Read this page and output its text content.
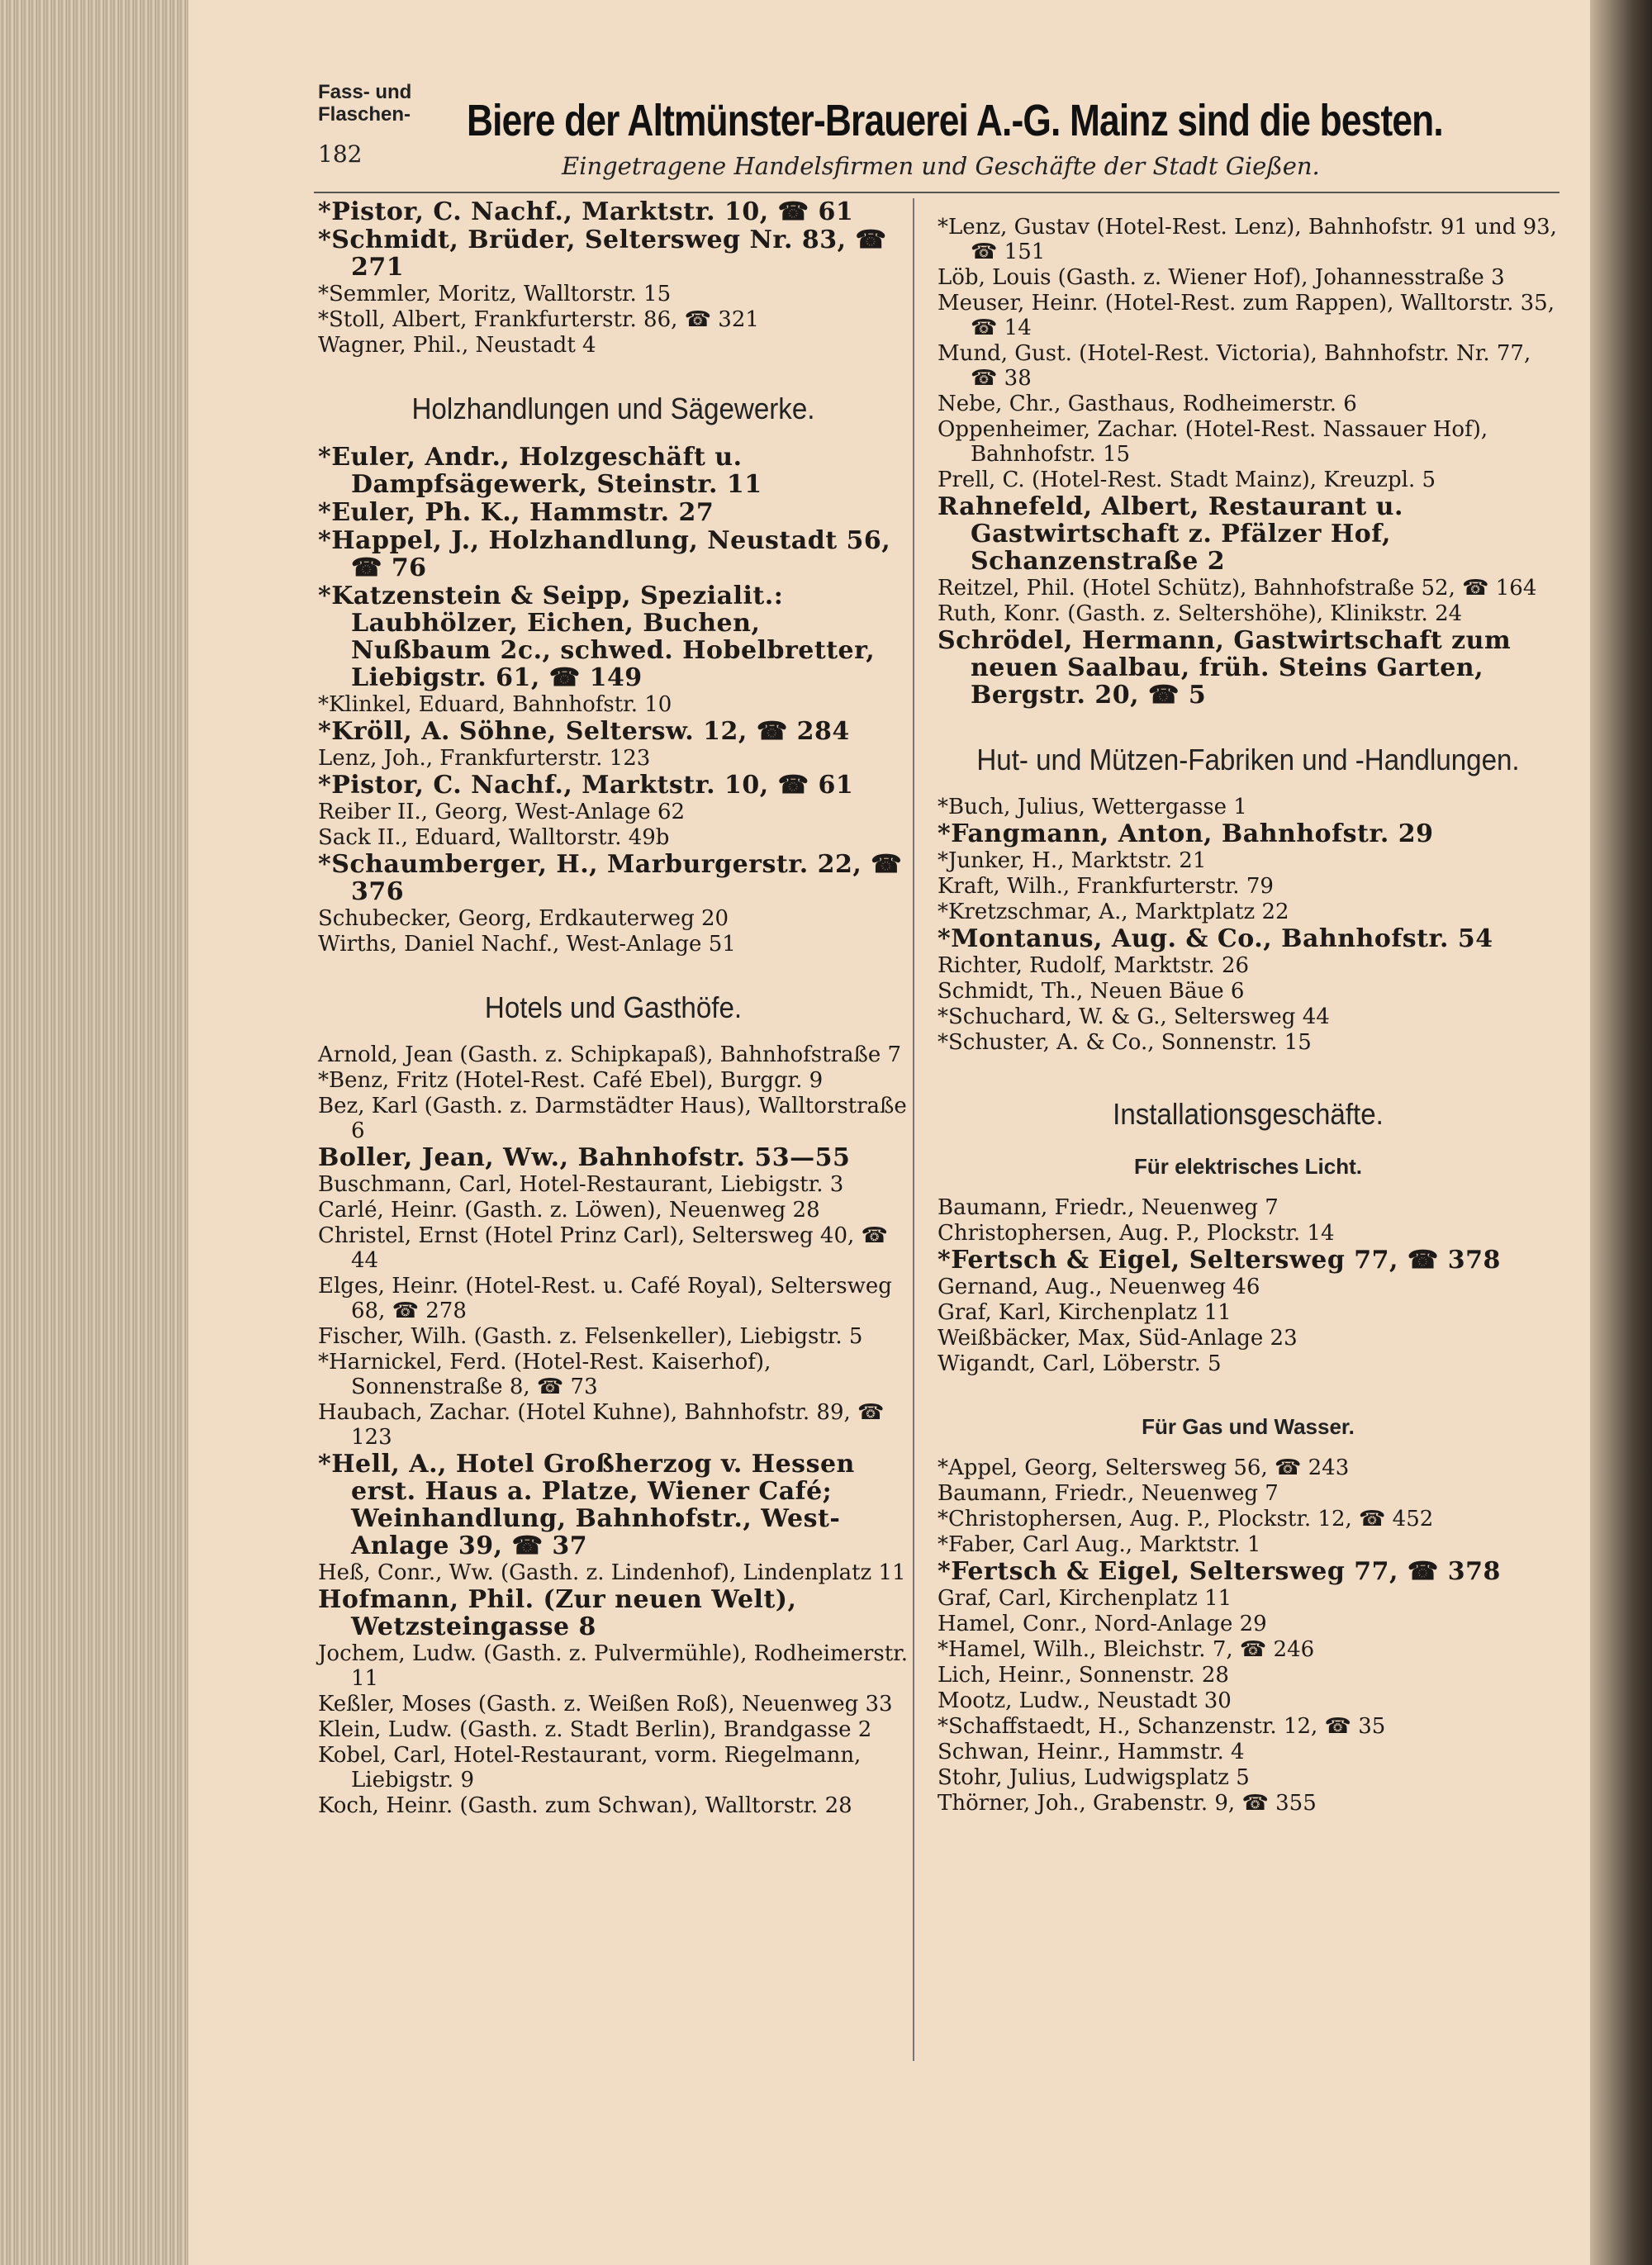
Fass- und
Flaschen-
182
Biere der Altmünster-Brauerei A.-G. Mainz sind die besten.
Eingetragene Handelsfirmen und Geschäfte der Stadt Gießen.
*Pistor, C. Nachf., Marktstr. 10, ☎ 61
*Schmidt, Brüder, Seltersweg Nr. 83, ☎ 271
*Semmler, Moritz, Walltorstr. 15
*Stoll, Albert, Frankfurterstr. 86, ☎ 321
Wagner, Phil., Neustadt 4
Holzhandlungen und Sägewerke.
*Euler, Andr., Holzgeschäft u. Dampfsägewerk, Steinstr. 11
*Euler, Ph. K., Hammstr. 27
*Happel, J., Holzhandlung, Neustadt 56, ☎ 76
*Katzenstein & Seipp, Spezialit.: Laubhölzer, Eichen, Buchen, Nußbaum 2c., schwed. Hobelbretter, Liebigstr. 61, ☎ 149
*Klinkel, Eduard, Bahnhofstr. 10
*Kröll, A. Söhne, Seltersw. 12, ☎ 284
Lenz, Joh., Frankfurterstr. 123
*Pistor, C. Nachf., Marktstr. 10, ☎ 61
Reiber II., Georg, West-Anlage 62
Sack II., Eduard, Walltorstr. 49b
*Schaumberger, H., Marburgerstr. 22, ☎ 376
Schubecker, Georg, Erdkauterweg 20
Wirths, Daniel Nachf., West-Anlage 51
Hotels und Gasthöfe.
Arnold, Jean (Gasth. z. Schipkapaß), Bahnhofstraße 7
*Benz, Fritz (Hotel-Rest. Café Ebel), Burggr. 9
Bez, Karl (Gasth. z. Darmstädter Haus), Walltorstraße 6
Boller, Jean, Ww., Bahnhofstr. 53—55
Buschmann, Carl, Hotel-Restaurant, Liebigstr. 3
Carlé, Heinr. (Gasth. z. Löwen), Neuenweg 28
Christel, Ernst (Hotel Prinz Carl), Seltersweg 40, ☎ 44
Elges, Heinr. (Hotel-Rest. u. Café Royal), Seltersweg 68, ☎ 278
Fischer, Wilh. (Gasth. z. Felsenkeller), Liebigstr. 5
*Harnickel, Ferd. (Hotel-Rest. Kaiserhof), Sonnenstraße 8, ☎ 73
Haubach, Zachar. (Hotel Kuhne), Bahnhofstr. 89, ☎ 123
*Hell, A., Hotel Großherzog v. Hessen erst. Haus a. Platze, Wiener Café; Weinhandlung, Bahnhofstr., West-Anlage 39, ☎ 37
Heß, Conr., Ww. (Gasth. z. Lindenhof), Lindenplatz 11
Hofmann, Phil. (Zur neuen Welt), Wetzsteingasse 8
Jochem, Ludw. (Gasth. z. Pulvermühle), Rodheimerstr. 11
Keßler, Moses (Gasth. z. Weißen Roß), Neuenweg 33
Klein, Ludw. (Gasth. z. Stadt Berlin), Brandgasse 2
Kobel, Carl, Hotel-Restaurant, vorm. Riegelmann, Liebigstr. 9
Koch, Heinr. (Gasth. zum Schwan), Walltorstr. 28
*Lenz, Gustav (Hotel-Rest. Lenz), Bahnhofstr. 91 und 93, ☎ 151
Löb, Louis (Gasth. z. Wiener Hof), Johannesstraße 3
Meuser, Heinr. (Hotel-Rest. zum Rappen), Walltorstr. 35, ☎ 14
Mund, Gust. (Hotel-Rest. Victoria), Bahnhofstr. Nr. 77, ☎ 38
Nebe, Chr., Gasthaus, Rodheimerstr. 6
Oppenheimer, Zachar. (Hotel-Rest. Nassauer Hof), Bahnhofstr. 15
Prell, C. (Hotel-Rest. Stadt Mainz), Kreuzpl. 5
Rahnefeld, Albert, Restaurant u. Gastwirtschaft z. Pfälzer Hof, Schanzenstraße 2
Reitzel, Phil. (Hotel Schütz), Bahnhofstraße 52, ☎ 164
Ruth, Konr. (Gasth. z. Seltershöhe), Klinikstr. 24
Schrödel, Hermann, Gastwirtschaft zum neuen Saalbau, früh. Steins Garten, Bergstr. 20, ☎ 5
Hut- und Mützen-Fabriken und -Handlungen.
*Buch, Julius, Wettergasse 1
*Fangmann, Anton, Bahnhofstr. 29
*Junker, H., Marktstr. 21
Kraft, Wilh., Frankfurterstr. 79
*Kretzschmar, A., Marktplatz 22
*Montanus, Aug. & Co., Bahnhofstr. 54
Richter, Rudolf, Marktstr. 26
Schmidt, Th., Neuen Bäue 6
*Schuchard, W. & G., Seltersweg 44
*Schuster, A. & Co., Sonnenstr. 15
Installationsgeschäfte.
Für elektrisches Licht.
Baumann, Friedr., Neuenweg 7
Christophersen, Aug. P., Plockstr. 14
*Fertsch & Eigel, Seltersweg 77, ☎ 378
Gernand, Aug., Neuenweg 46
Graf, Karl, Kirchenplatz 11
Weißbäcker, Max, Süd-Anlage 23
Wigandt, Carl, Löberstr. 5
Für Gas und Wasser.
*Appel, Georg, Seltersweg 56, ☎ 243
Baumann, Friedr., Neuenweg 7
*Christophersen, Aug. P., Plockstr. 12, ☎ 452
*Faber, Carl Aug., Marktstr. 1
*Fertsch & Eigel, Seltersweg 77, ☎ 378
Graf, Carl, Kirchenplatz 11
Hamel, Conr., Nord-Anlage 29
*Hamel, Wilh., Bleichstr. 7, ☎ 246
Lich, Heinr., Sonnenstr. 28
Mootz, Ludw., Neustadt 30
*Schaffstaedt, H., Schanzenstr. 12, ☎ 35
Schwan, Heinr., Hammstr. 4
Stohr, Julius, Ludwigsplatz 5
Thörner, Joh., Grabenstr. 9, ☎ 355
